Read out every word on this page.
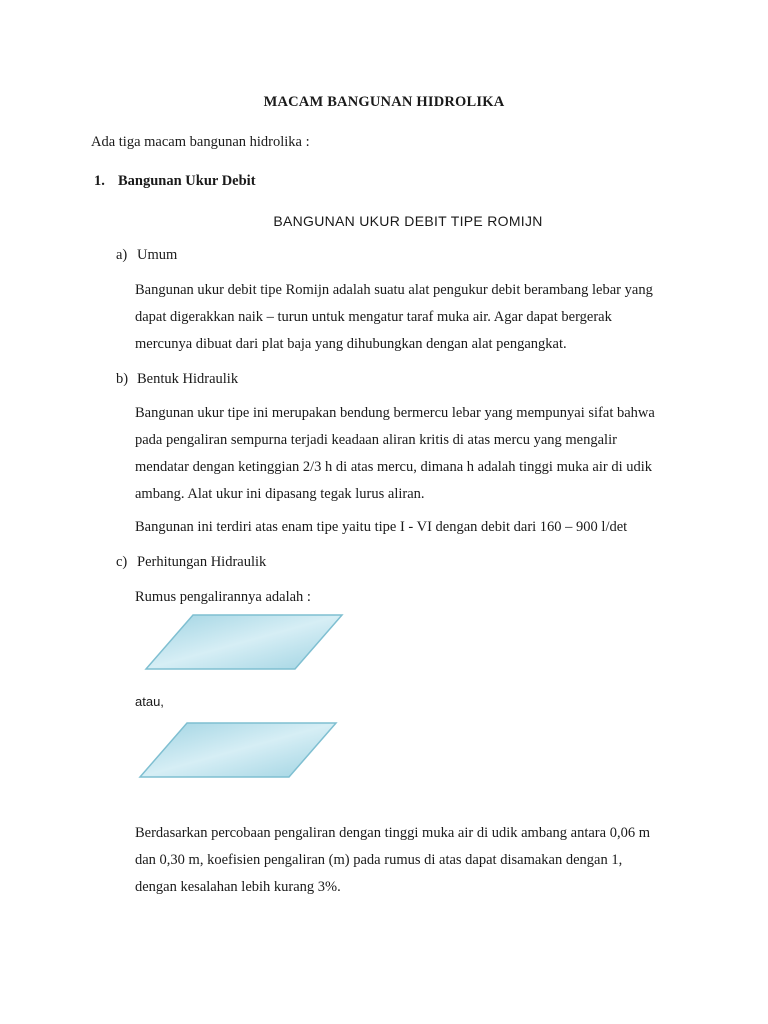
MACAM BANGUNAN HIDROLIKA
Ada tiga macam bangunan hidrolika :
1. Bangunan Ukur Debit
BANGUNAN UKUR DEBIT TIPE ROMIJN
a) Umum

Bangunan ukur debit tipe Romijn adalah suatu alat pengukur debit berambang lebar yang

dapat digerakkan naik – turun untuk mengatur taraf muka air. Agar dapat bergerak

mercunya dibuat dari plat baja yang dihubungkan dengan alat pengangkat.

b) Bentuk Hidraulik

Bangunan ukur tipe ini merupakan bendung bermercu lebar yang mempunyai sifat bahwa

pada pengaliran sempurna terjadi keadaan aliran kritis di atas mercu yang mengalir

mendatar dengan ketinggian 2/3 h di atas mercu, dimana h adalah tinggi muka air di udik

ambang. Alat ukur ini dipasang tegak lurus aliran.

Bangunan ini terdiri atas enam tipe yaitu tipe I - VI dengan debit dari 160 – 900 l/det
c) Perhitungan Hidraulik
Rumus pengalirannya adalah :
atau,

Berdasarkan percobaan pengaliran dengan tinggi muka air di udik ambang antara 0,06 m

dan 0,30 m, koefisien pengaliran (m) pada rumus di atas dapat disamakan dengan 1,

dengan kesalahan lebih kurang 3%.
